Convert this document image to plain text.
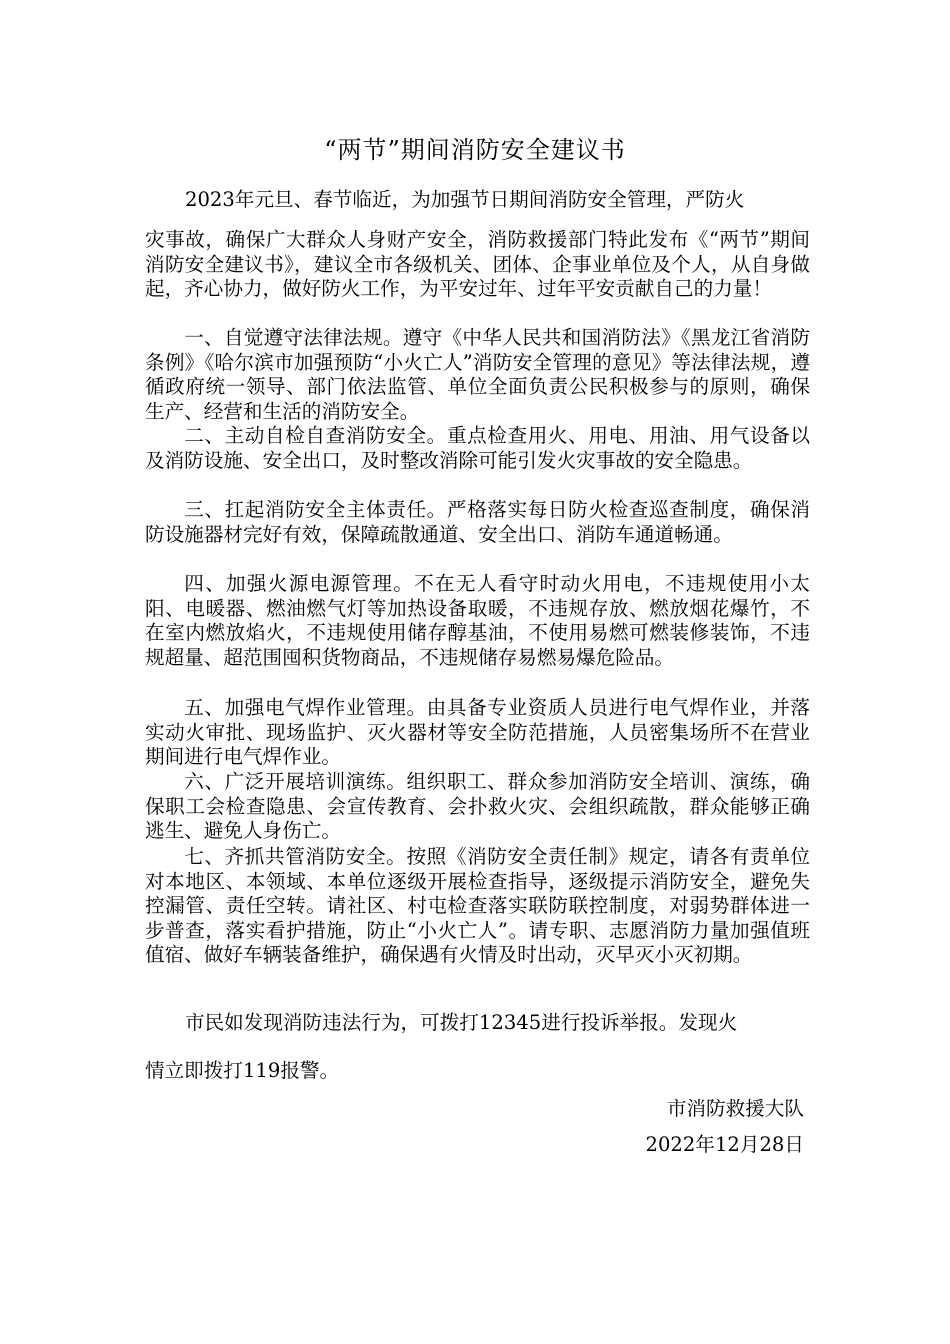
“两节”期间消防安全建议书
2023年元旦、春节临近，为加强节日期间消防安全管理，严防火

灾事故，确保广大群众人身财产安全，消防救援部门特此发布《“两节”期间消防安全建议书》，建议全市各级机关、团体、企事业单位及个人，从自身做起，齐心协力，做好防火工作，为平安过年、过年平安贡献自己的力量！

一、自觉遵守法律法规。遵守《中华人民共和国消防法》《黑龙江省消防条例》《哈尔滨市加强预防“小火亡人”消防安全管理的意见》等法律法规，遵循政府统一领导、部门依法监管、单位全面负责公民积极参与的原则，确保生产、经营和生活的消防安全。

二、主动自检自查消防安全。重点检查用火、用电、用油、用气设备以及消防设施、安全出口，及时整改消除可能引发火灾事故的安全隐患。

三、扛起消防安全主体责任。严格落实每日防火检查巡查制度，确保消防设施器材完好有效，保障疏散通道、安全出口、消防车通道畅通。

四、加强火源电源管理。不在无人看守时动火用电，不违规使用小太阳、电暖器、燃油燃气灯等加热设备取暖，不违规存放、燃放烟花爆竹，不在室内燃放焰火，不违规使用储存醇基油，不使用易燃可燃装修装饰，不违规超量、超范围囤积货物商品，不违规储存易燃易爆危险品。

五、加强电气焊作业管理。由具备专业资质人员进行电气焊作业，并落实动火审批、现场监护、灭火器材等安全防范措施，人员密集场所不在营业期间进行电气焊作业。

六、广泛开展培训演练。组织职工、群众参加消防安全培训、演练，确保职工会检查隐患、会宣传教育、会扑救火灾、会组织疏散，群众能够正确逃生、避免人身伤亡。

七、齐抓共管消防安全。按照《消防安全责任制》规定，请各有责单位对本地区、本领域、本单位逐级开展检查指导，逐级提示消防安全，避免失控漏管、责任空转。请社区、村屯检查落实联防联控制度，对弱势群体进一步普查，落实看护措施，防止“小火亡人”。请专职、志愿消防力量加强值班值宿、做好车辆装备维护，确保遇有火情及时出动，灭早灭小灭初期。

市民如发现消防违法行为，可拨打12345进行投诉举报。发现火
情立即拨打119报警。
市消防救援大队
2022年12月28日
